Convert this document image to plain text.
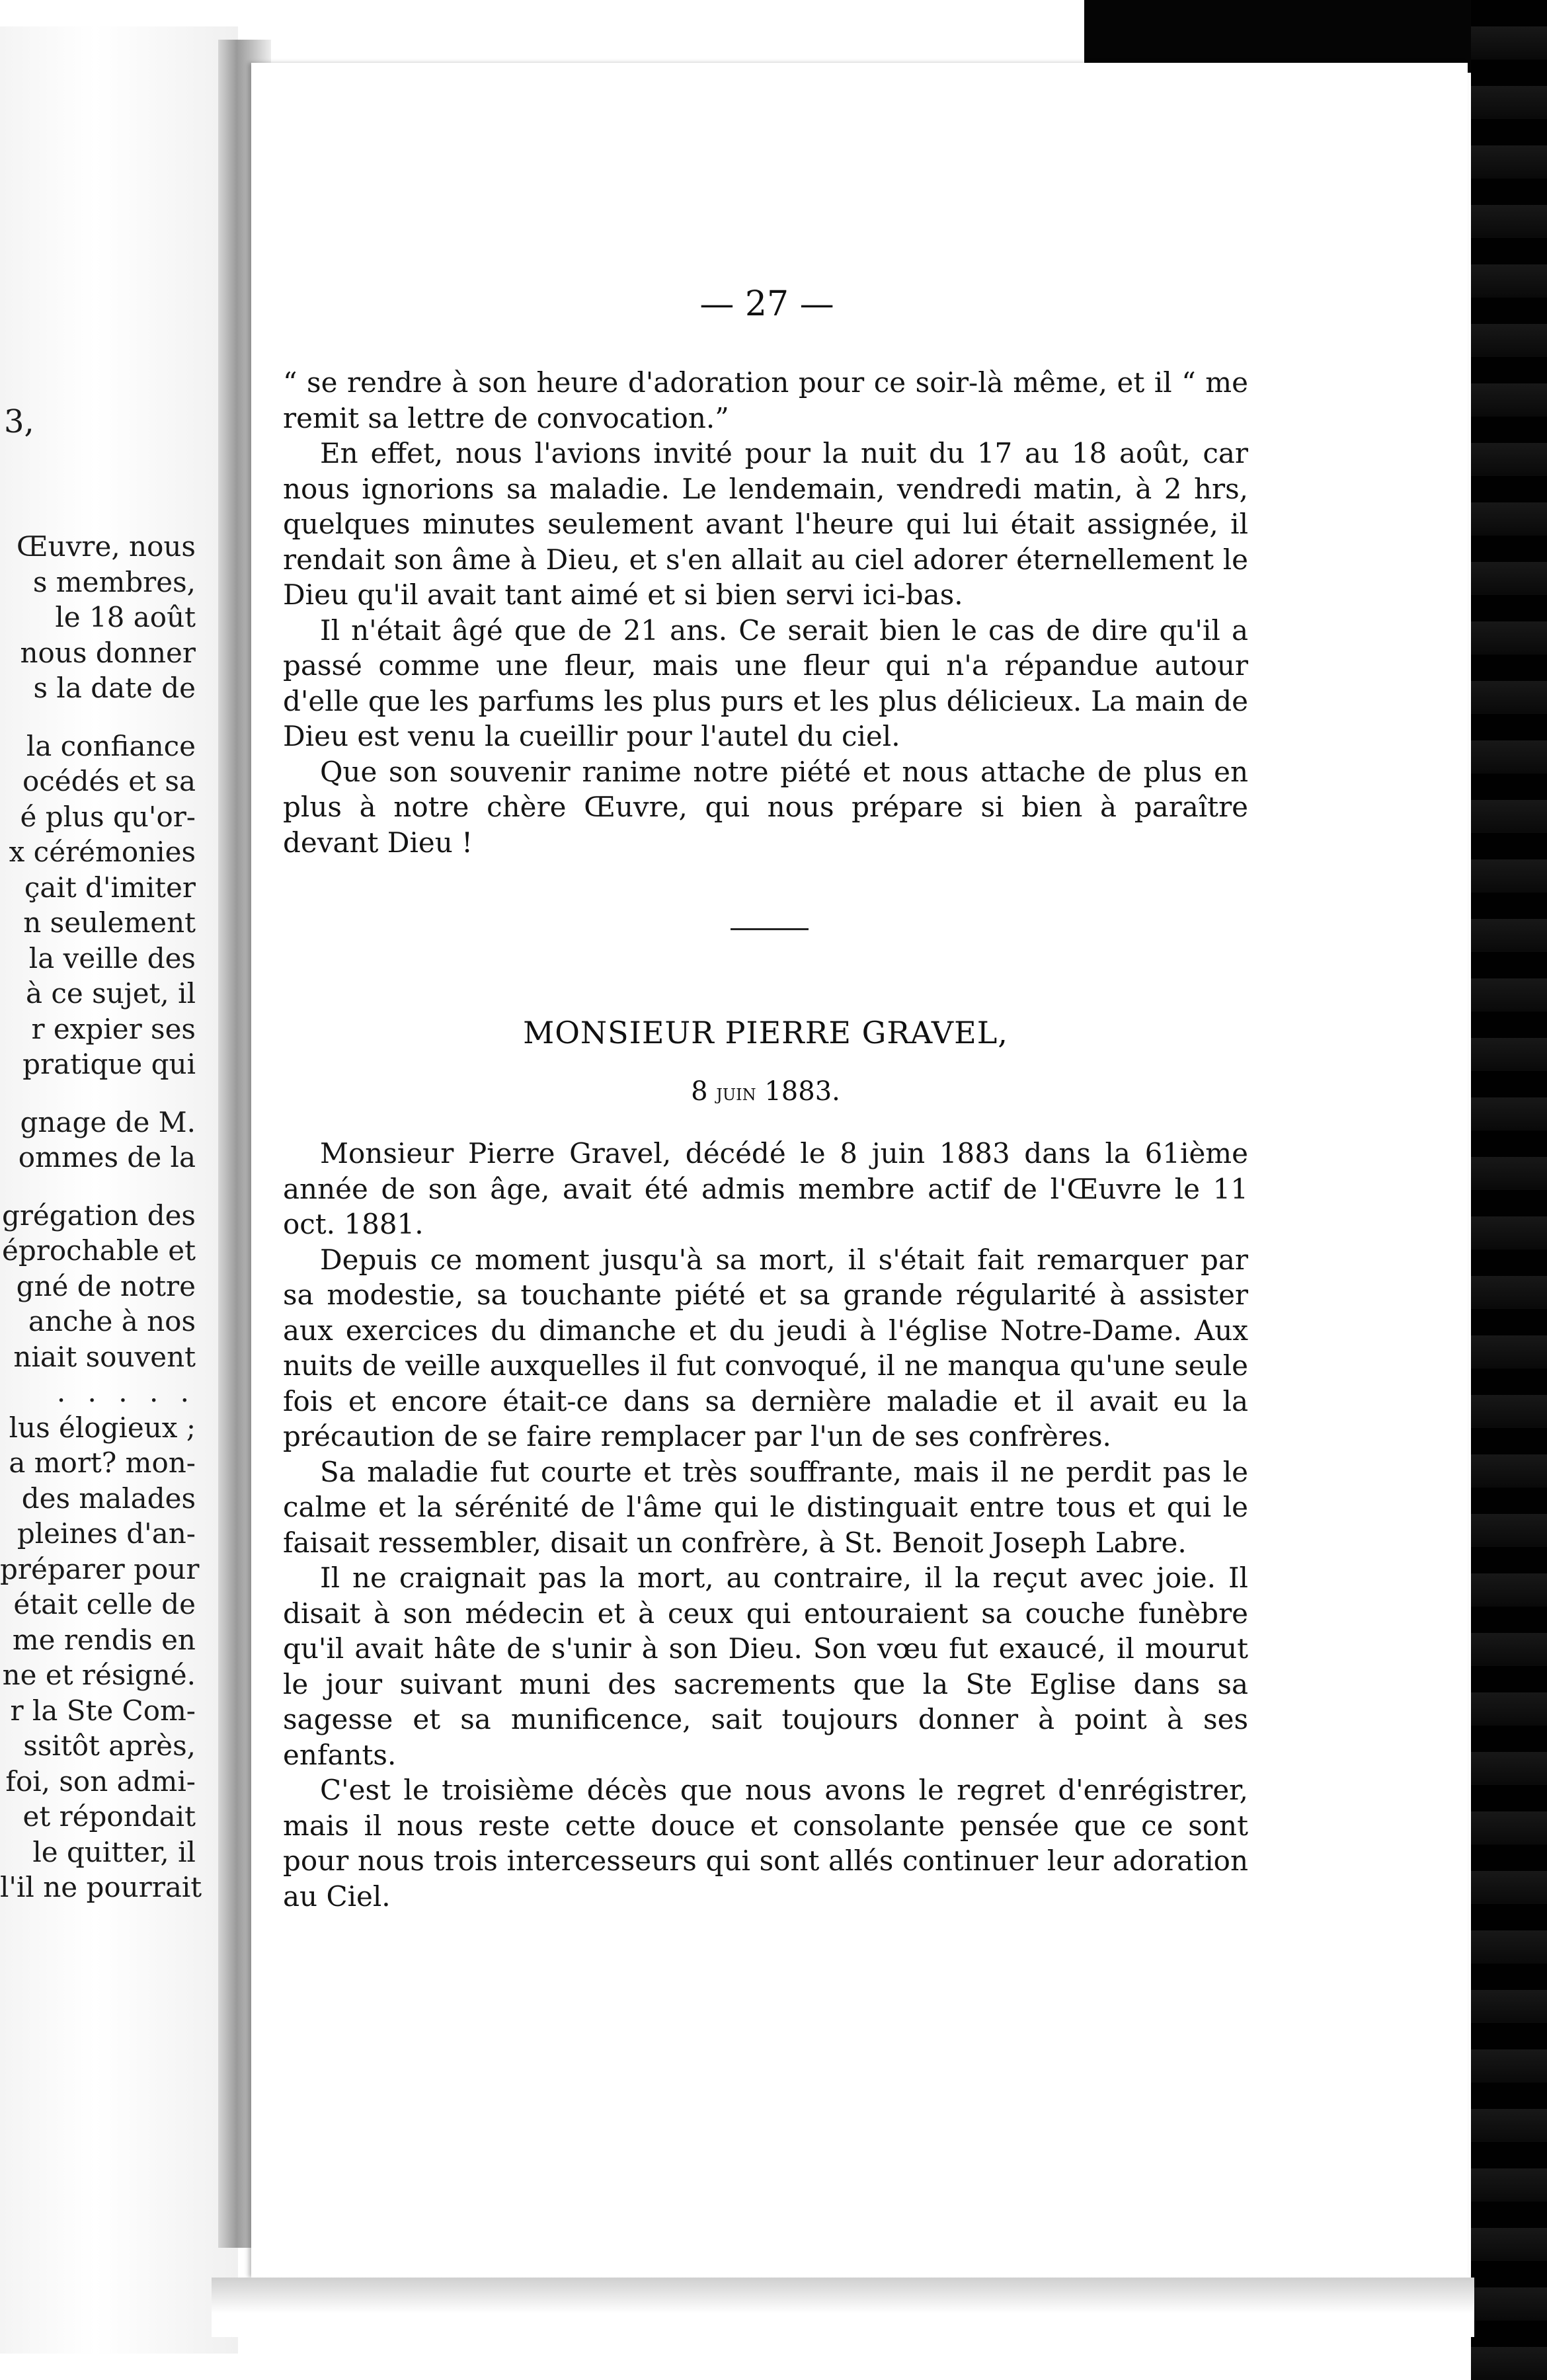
3,
Œuvre, nous
s membres,
le 18 août
nous donner
s la date de
la confiance
océdés et sa
é plus qu'or-
x cérémonies
çait d'imiter
n seulement
la veille des
à ce sujet, il
r expier ses
pratique qui
gnage de M.
ommes de la
grégation des
éprochable et
gné de notre
anche à nos
niait souvent
. . . . .
lus élogieux ;
a mort? mon-
des malades
pleines d'an-
préparer pour
était celle de
me rendis en
ne et résigné.
r la Ste Com-
ssitôt après,
foi, son admi-
et répondait
le quitter, il
l'il ne pourrait
— 27 —

“ se rendre à son heure d'adoration pour ce soir-là même, et il “ me remit sa lettre de convocation.”

En effet, nous l'avions invité pour la nuit du 17 au 18 août, car nous ignorions sa maladie. Le lendemain, vendredi matin, à 2 hrs, quelques minutes seulement avant l'heure qui lui était assignée, il rendait son âme à Dieu, et s'en allait au ciel adorer éternellement le Dieu qu'il avait tant aimé et si bien servi ici-bas.

Il n'était âgé que de 21 ans. Ce serait bien le cas de dire qu'il a passé comme une fleur, mais une fleur qui n'a répandue autour d'elle que les parfums les plus purs et les plus délicieux. La main de Dieu est venu la cueillir pour l'autel du ciel.

Que son souvenir ranime notre piété et nous attache de plus en plus à notre chère Œuvre, qui nous prépare si bien à paraître devant Dieu !

MONSIEUR PIERRE GRAVEL,
8 juin 1883.

Monsieur Pierre Gravel, décédé le 8 juin 1883 dans la 61ième année de son âge, avait été admis membre actif de l'Œuvre le 11 oct. 1881.

Depuis ce moment jusqu'à sa mort, il s'était fait remarquer par sa modestie, sa touchante piété et sa grande régularité à assister aux exercices du dimanche et du jeudi à l'église Notre-Dame. Aux nuits de veille auxquelles il fut convoqué, il ne manqua qu'une seule fois et encore était-ce dans sa dernière maladie et il avait eu la précaution de se faire remplacer par l'un de ses confrères.

Sa maladie fut courte et très souffrante, mais il ne perdit pas le calme et la sérénité de l'âme qui le distinguait entre tous et qui le faisait ressembler, disait un confrère, à St. Benoit Joseph Labre.

Il ne craignait pas la mort, au contraire, il la reçut avec joie. Il disait à son médecin et à ceux qui entouraient sa couche funèbre qu'il avait hâte de s'unir à son Dieu. Son vœu fut exaucé, il mourut le jour suivant muni des sacrements que la Ste Eglise dans sa sagesse et sa munificence, sait toujours donner à point à ses enfants.

C'est le troisième décès que nous avons le regret d'enrégistrer, mais il nous reste cette douce et consolante pensée que ce sont pour nous trois intercesseurs qui sont allés continuer leur adoration au Ciel.
